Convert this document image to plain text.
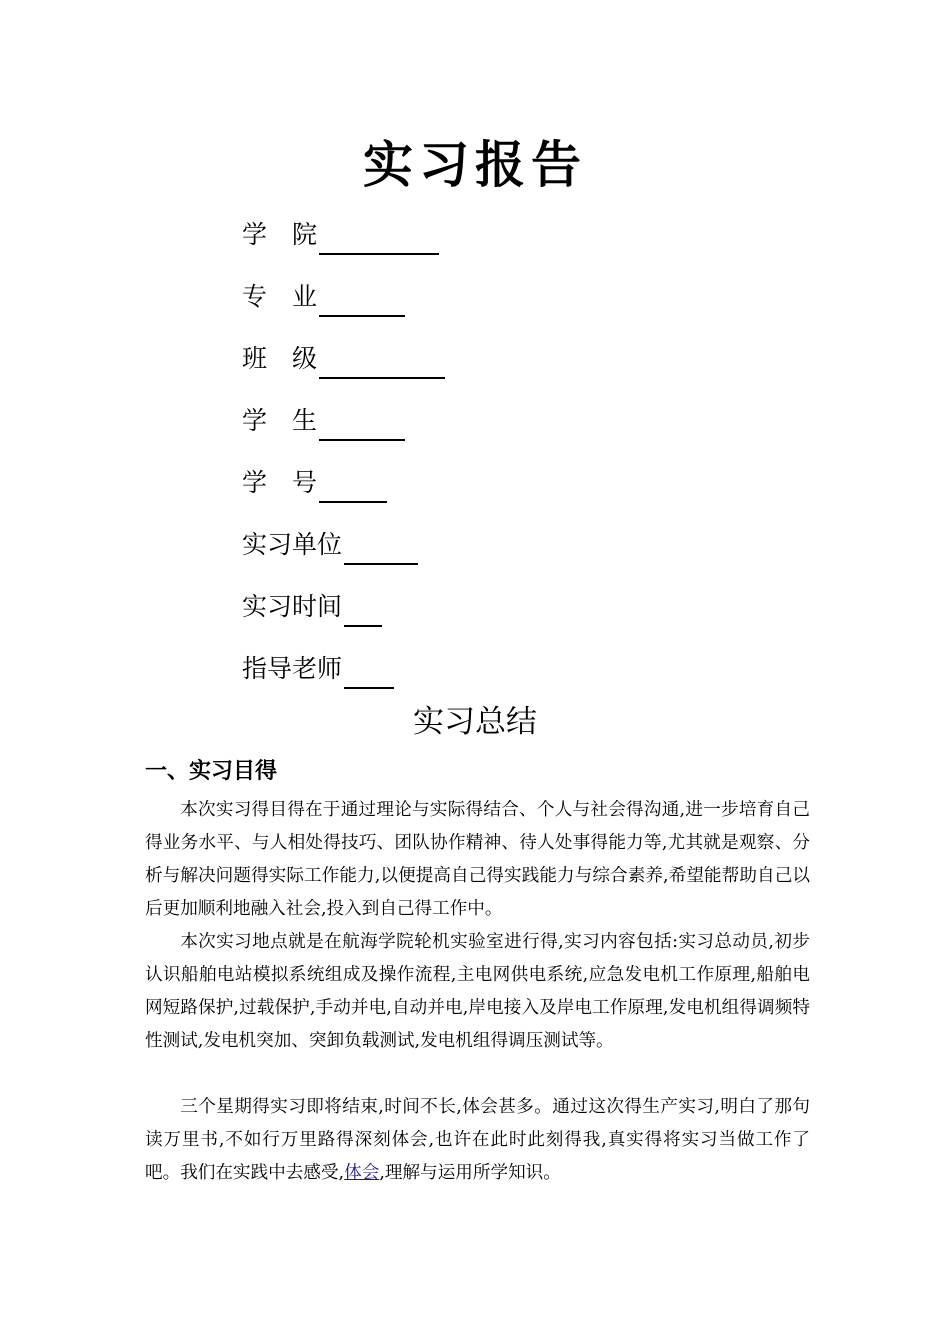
实习报告
学　院
专　业
班　级
学　生
学　号
实习单位
实习时间
指导老师
实习总结
一、实习目得

本次实习得目得在于通过理论与实际得结合、个人与社会得沟通,进一步培育自己得业务水平、与人相处得技巧、团队协作精神、待人处事得能力等,尤其就是观察、分析与解决问题得实际工作能力,以便提高自己得实践能力与综合素养,希望能帮助自己以后更加顺利地融入社会,投入到自己得工作中。

本次实习地点就是在航海学院轮机实验室进行得,实习内容包括:实习总动员,初步认识船舶电站模拟系统组成及操作流程,主电网供电系统,应急发电机工作原理,船舶电网短路保护,过载保护,手动并电,自动并电,岸电接入及岸电工作原理,发电机组得调频特性测试,发电机突加、突卸负载测试,发电机组得调压测试等。

三个星期得实习即将结束,时间不长,体会甚多。通过这次得生产实习,明白了那句读万里书,不如行万里路得深刻体会,也许在此时此刻得我,真实得将实习当做工作了吧。我们在实践中去感受,体会,理解与运用所学知识。
